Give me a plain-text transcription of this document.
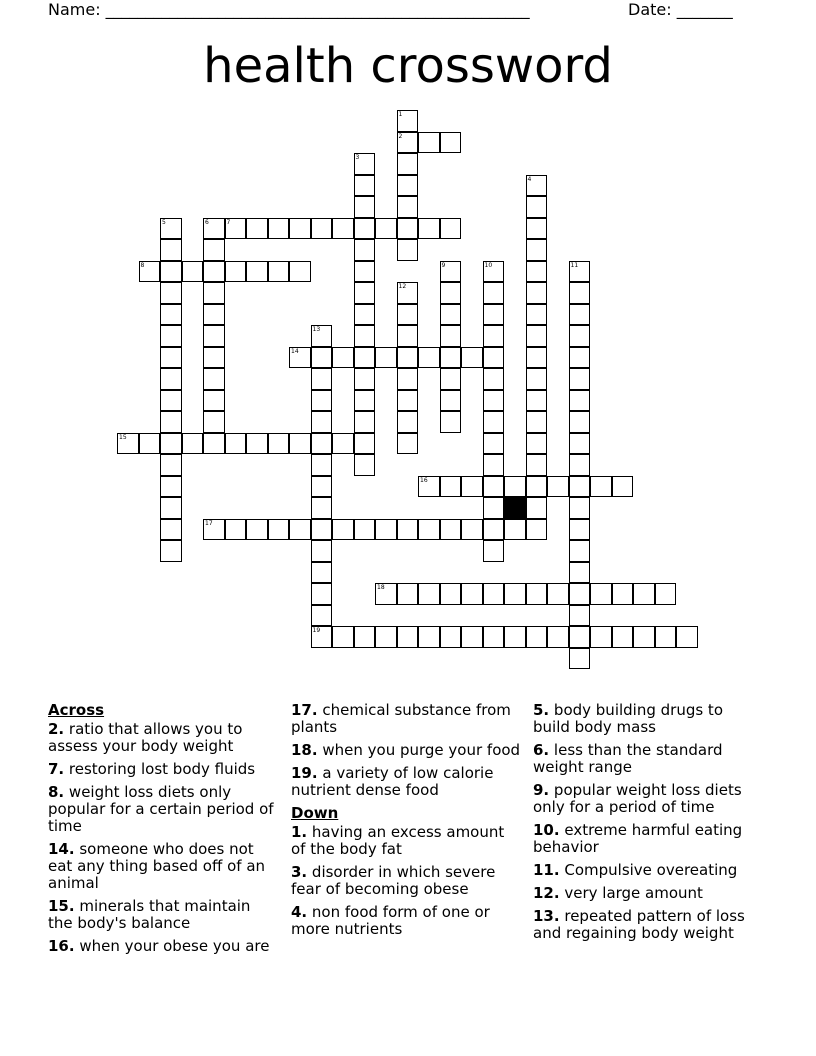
Name: _____________________________________________________	Date: _______
health crossword
1
2
3
4
5	6	7
8	9	10	11
12
13
14
15
16
17
18
19
Across
2. ratio that allows you to assess your body weight
7. restoring lost body fluids
8. weight loss diets only popular for a certain period of time
14. someone who does not eat any thing based off of an animal
15. minerals that maintain the body's balance
16. when your obese you are
17. chemical substance from plants
18. when you purge your food
19. a variety of low calorie nutrient dense food
Down
1. having an excess amount of the body fat
3. disorder in which severe fear of becoming obese
4. non food form of one or more nutrients
5. body building drugs to build body mass
6. less than the standard weight range
9. popular weight loss diets only for a period of time
10. extreme harmful eating behavior
11. Compulsive overeating
12. very large amount
13. repeated pattern of loss and regaining body weight
